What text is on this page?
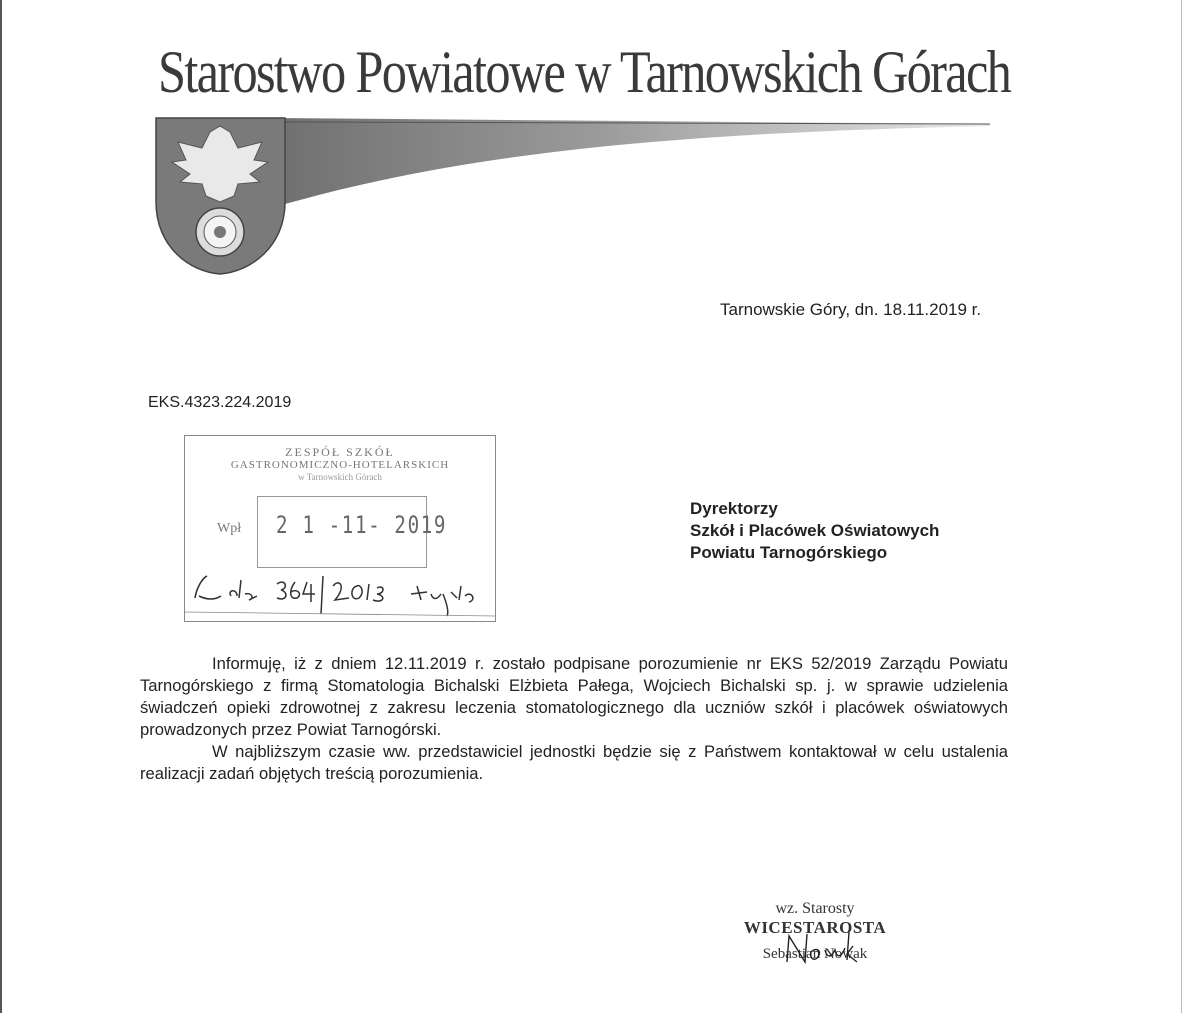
Starostwo Powiatowe w Tarnowskich Górach
Tarnowskie Góry, dn. 18.11.2019 r.
EKS.4323.224.2019
ZESPÓŁ SZKÓŁ
GASTRONOMICZNO-HOTELARSKICH
w Tarnowskich Górach
Wpł 2 1 -11- 2019
Dyrektorzy
Szkół i Placówek Oświatowych
Powiatu Tarnogórskiego

Informuję, iż z dniem 12.11.2019 r. zostało podpisane porozumienie nr EKS 52/2019 Zarządu Powiatu Tarnogórskiego z firmą Stomatologia Bichalski Elżbieta Pałega, Wojciech Bichalski sp. j. w sprawie udzielenia świadczeń opieki zdrowotnej z zakresu leczenia stomatologicznego dla uczniów szkół i placówek oświatowych prowadzonych przez Powiat Tarnogórski.

W najbliższym czasie ww. przedstawiciel jednostki będzie się z Państwem kontaktował w celu ustalenia realizacji zadań objętych treścią porozumienia.

wz. Starosty
WICESTAROSTA
Sebastian Nowak
